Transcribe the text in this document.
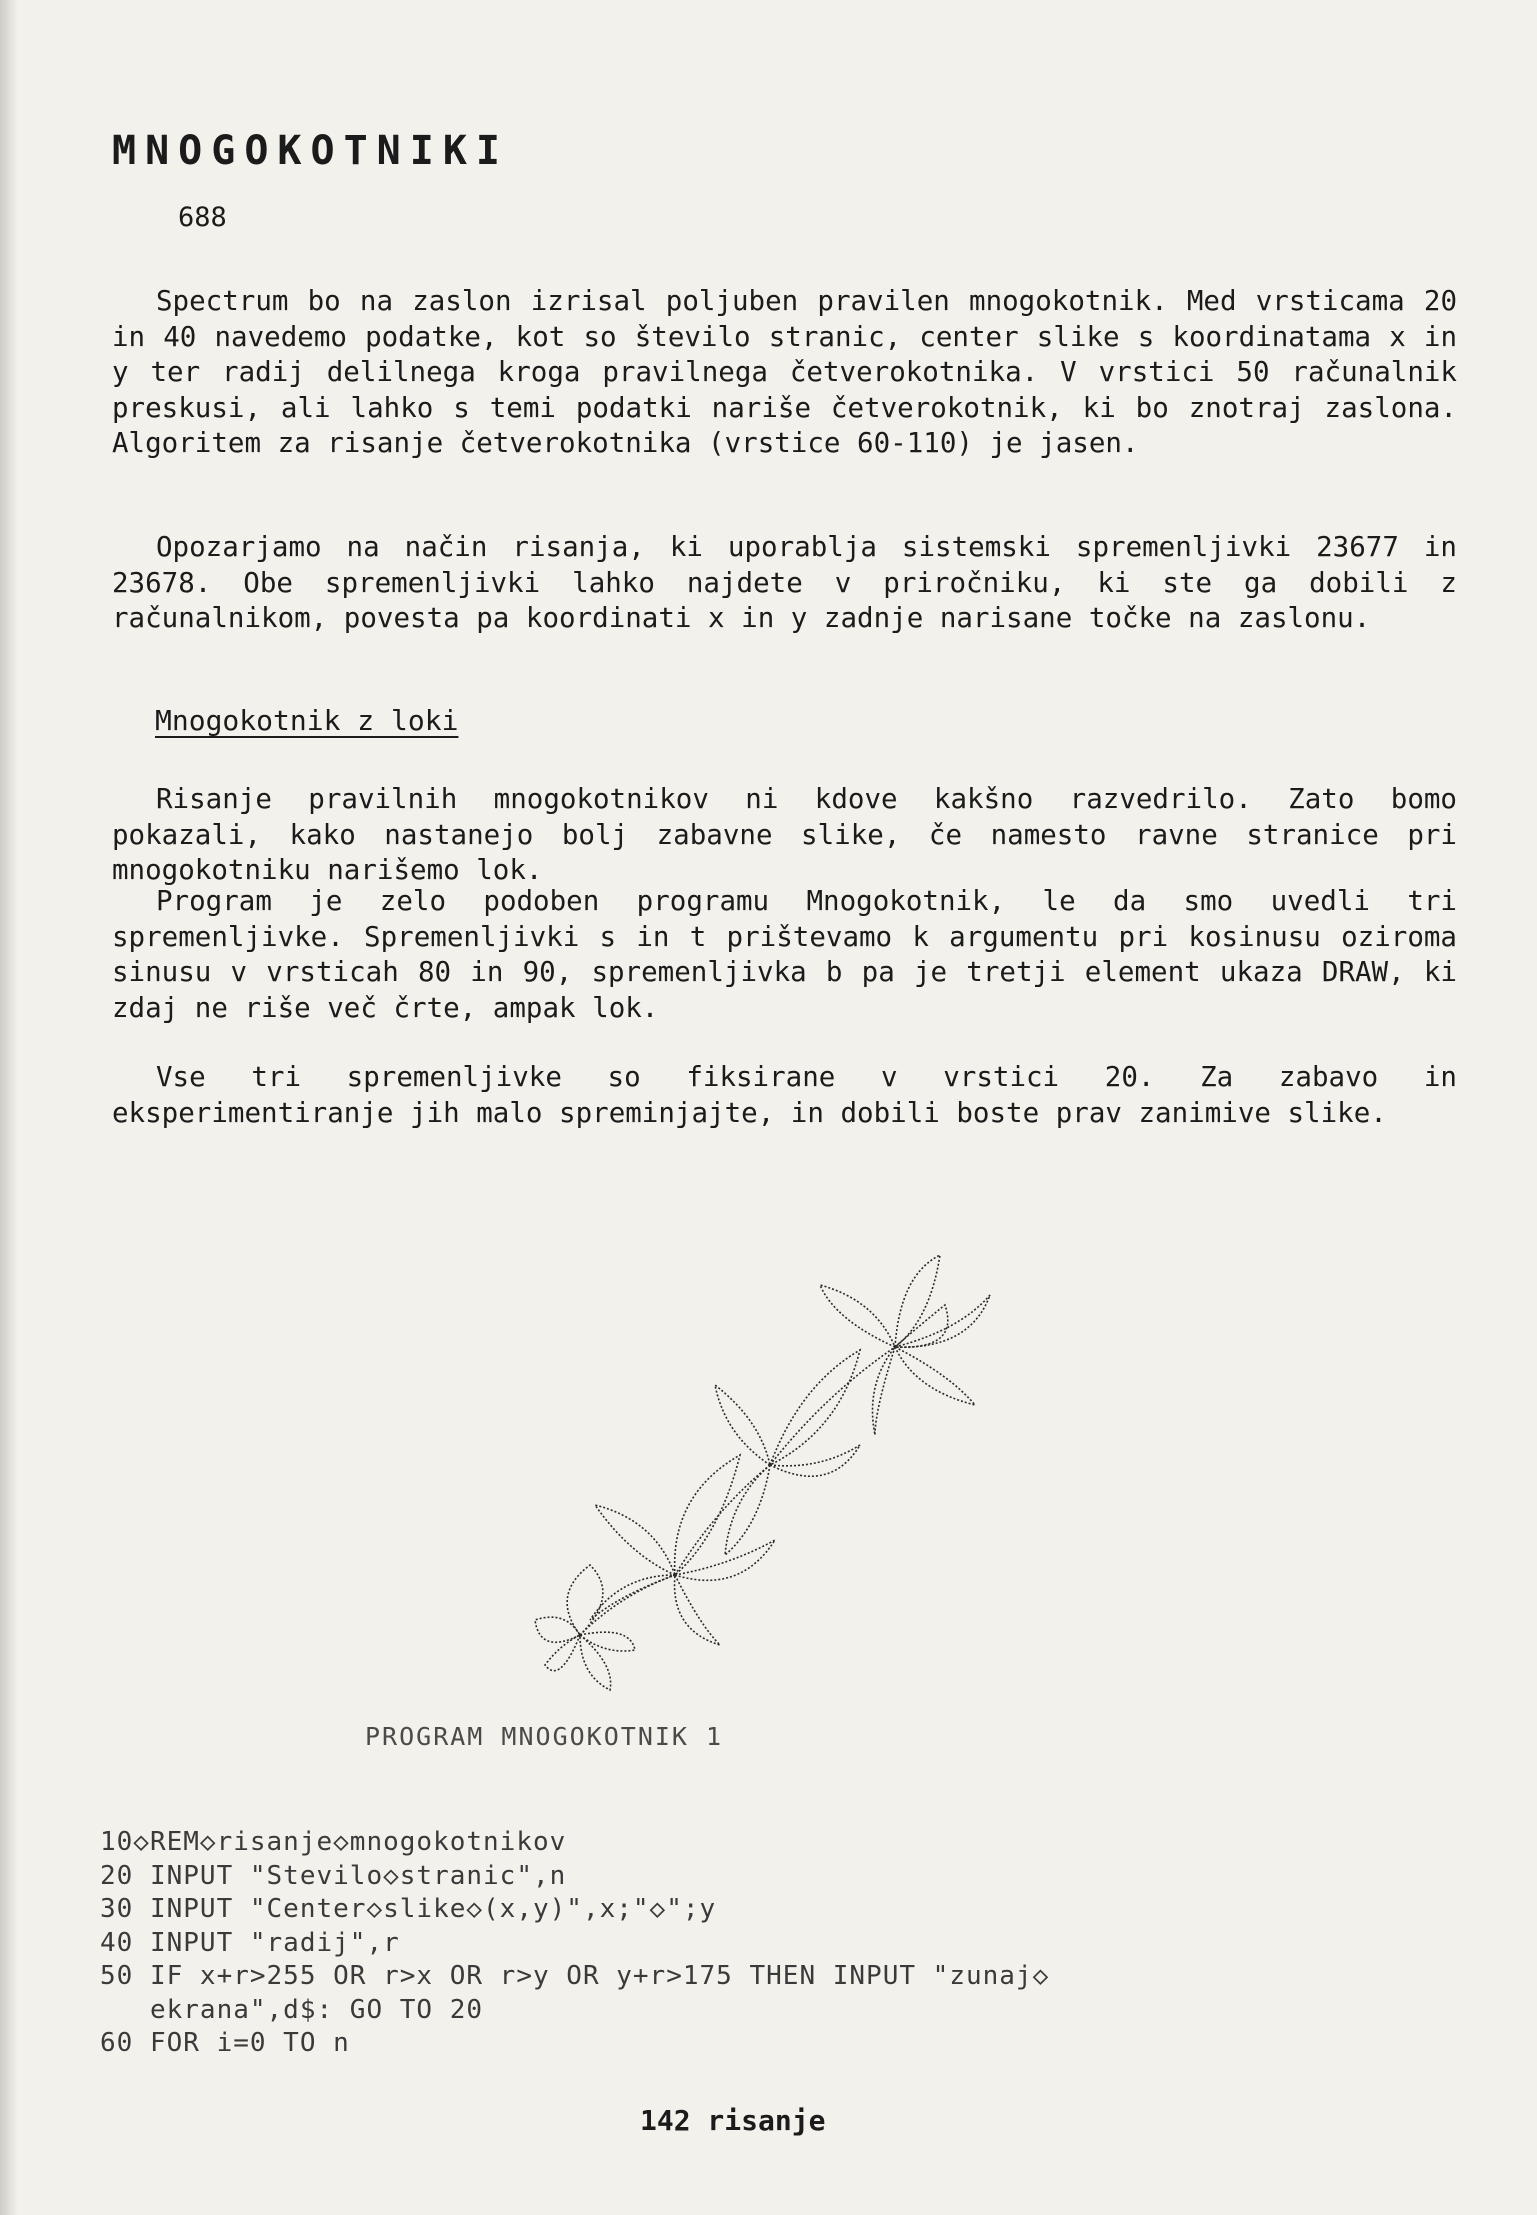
MNOGOKOTNIKI
688

Spectrum bo na zaslon izrisal poljuben pravilen mnogokotnik. Med vrsticama 20 in 40 navedemo podatke, kot so število stranic, center slike s koordinatama x in y ter radij delilnega kroga pravilnega četverokotnika. V vrstici 50 računalnik preskusi, ali lahko s temi podatki nariše četverokotnik, ki bo znotraj zaslona. Algoritem za risanje četverokotnika (vrstice 60-110) je jasen.

Opozarjamo na način risanja, ki uporablja sistemski spremenljivki 23677 in 23678. Obe spremenljivki lahko najdete v priročniku, ki ste ga dobili z računalnikom, povesta pa koordinati x in y zadnje narisane točke na zaslonu.

Mnogokotnik z loki

Risanje pravilnih mnogokotnikov ni kdove kakšno razvedrilo. Zato bomo pokazali, kako nastanejo bolj zabavne slike, če namesto ravne stranice pri mnogokotniku narišemo lok.

Program je zelo podoben programu Mnogokotnik, le da smo uvedli tri spremenljivke. Spremenljivki s in t prištevamo k argumentu pri kosinusu oziroma sinusu v vrsticah 80 in 90, spremenljivka b pa je tretji element ukaza DRAW, ki zdaj ne riše več črte, ampak lok.

Vse tri spremenljivke so fiksirane v vrstici 20. Za zabavo in eksperimentiranje jih malo spreminjajte, in dobili boste prav zanimive slike.

PROGRAM MNOGOKOTNIK 1
10◇REM◇risanje◇mnogokotnikov
20 INPUT "Stevilo◇stranic",n
30 INPUT "Center◇slike◇(x,y)",x;"◇";y
40 INPUT "radij",r
50 IF x+r>255 OR r>x OR r>y OR y+r>175 THEN INPUT "zunaj◇
ekrana",d$: GO TO 20
60 FOR i=0 TO n
142 risanje
